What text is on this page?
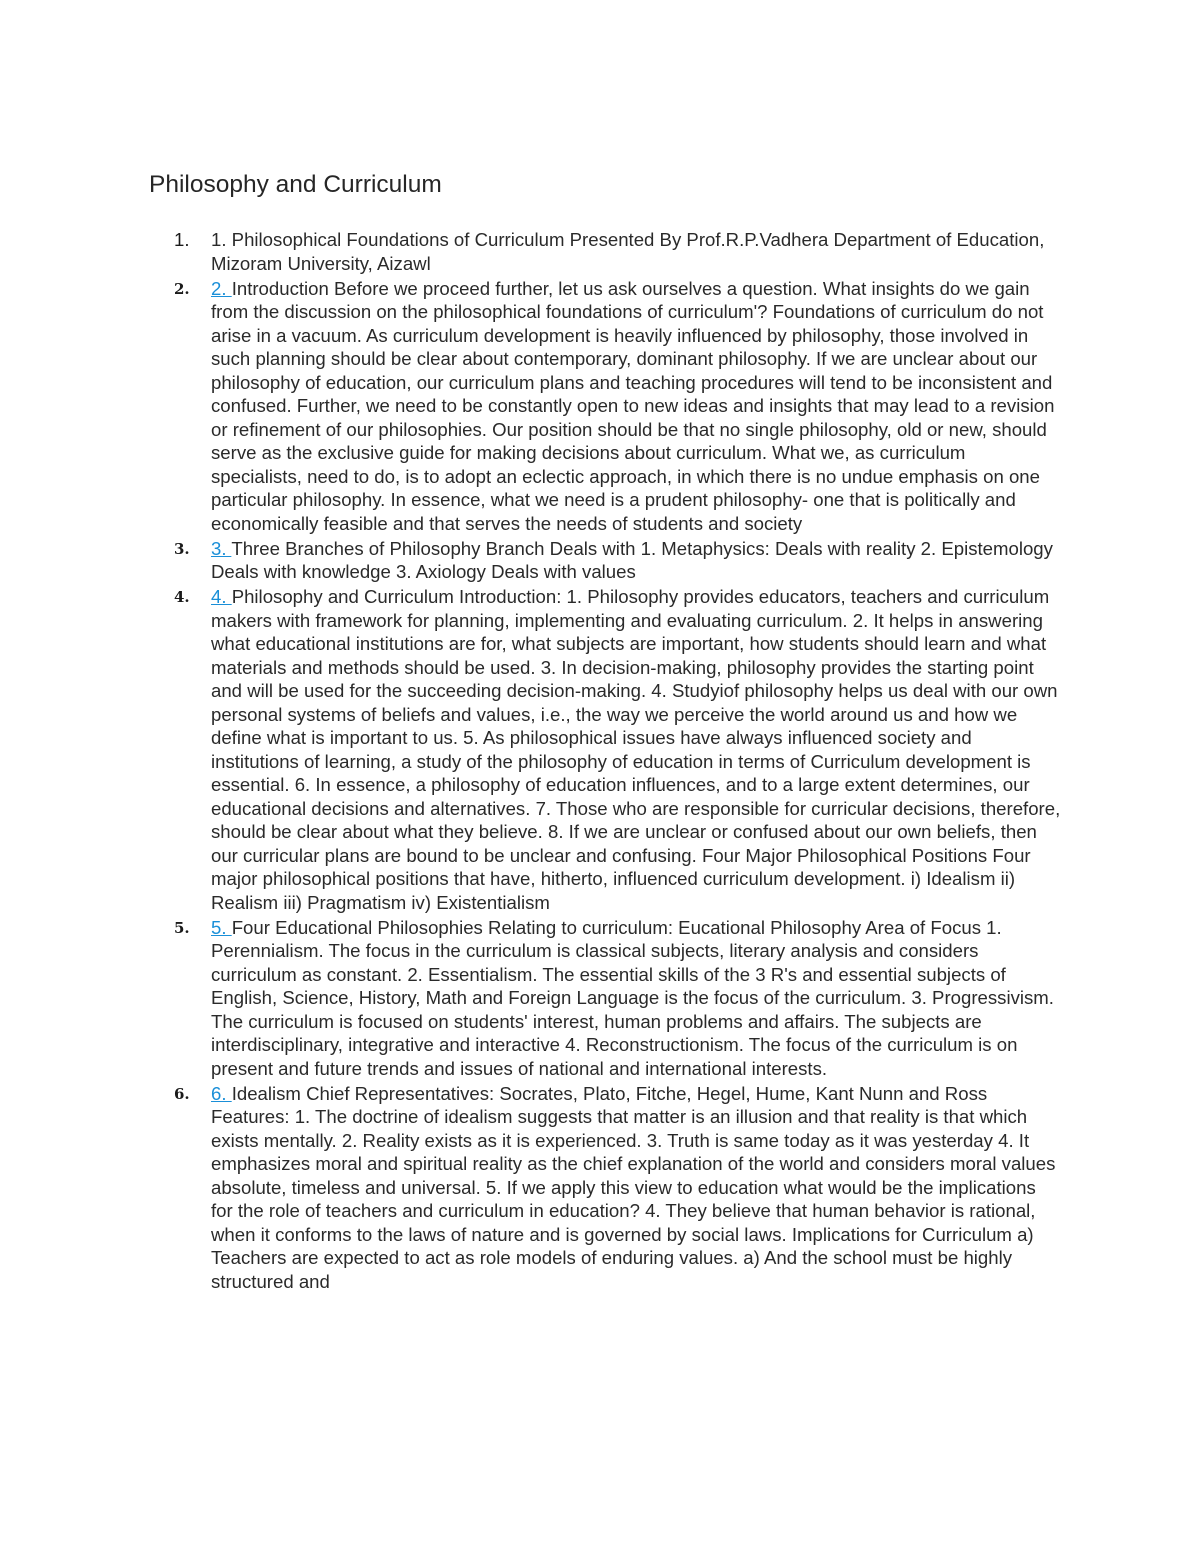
Philosophy and Curriculum
1.	1. Philosophical Foundations of Curriculum Presented By Prof.R.P.Vadhera Department of Education, Mizoram University, Aizawl
2.	2. Introduction Before we proceed further, let us ask ourselves a question. What insights do we gain from the discussion on the philosophical foundations of curriculum'? Foundations of curriculum do not arise in a vacuum. As curriculum development is heavily influenced by philosophy, those involved in such planning should be clear about contemporary, dominant philosophy. If we are unclear about our philosophy of education, our curriculum plans and teaching procedures will tend to be inconsistent and confused. Further, we need to be constantly open to new ideas and insights that may lead to a revision or refinement of our philosophies. Our position should be that no single philosophy, old or new, should serve as the exclusive guide for making decisions about curriculum. What we, as curriculum specialists, need to do, is to adopt an eclectic approach, in which there is no undue emphasis on one particular philosophy. In essence, what we need is a prudent philosophy- one that is politically and economically feasible and that serves the needs of students and society
3.	3. Three Branches of Philosophy Branch Deals with 1. Metaphysics: Deals with reality 2. Epistemology Deals with knowledge 3. Axiology Deals with values
4.	4. Philosophy and Curriculum Introduction: 1. Philosophy provides educators, teachers and curriculum makers with framework for planning, implementing and evaluating curriculum. 2. It helps in answering what educational institutions are for, what subjects are important, how students should learn and what materials and methods should be used. 3. In decision-making, philosophy provides the starting point and will be used for the succeeding decision-making. 4. Studyiof philosophy helps us deal with our own personal systems of beliefs and values, i.e., the way we perceive the world around us and how we define what is important to us. 5. As philosophical issues have always influenced society and institutions of learning, a study of the philosophy of education in terms of Curriculum development is essential. 6. In essence, a philosophy of education influences, and to a large extent determines, our educational decisions and alternatives. 7. Those who are responsible for curricular decisions, therefore, should be clear about what they believe. 8. If we are unclear or confused about our own beliefs, then our curricular plans are bound to be unclear and confusing. Four Major Philosophical Positions Four major philosophical positions that have, hitherto, influenced curriculum development. i) Idealism ii) Realism iii) Pragmatism iv) Existentialism
5.	5. Four Educational Philosophies Relating to curriculum: Eucational Philosophy Area of Focus 1. Perennialism. The focus in the curriculum is classical subjects, literary analysis and considers curriculum as constant. 2. Essentialism. The essential skills of the 3 R's and essential subjects of English, Science, History, Math and Foreign Language is the focus of the curriculum. 3. Progressivism. The curriculum is focused on students' interest, human problems and affairs. The subjects are interdisciplinary, integrative and interactive 4. Reconstructionism. The focus of the curriculum is on present and future trends and issues of national and international interests.
6.	6. Idealism Chief Representatives: Socrates, Plato, Fitche, Hegel, Hume, Kant Nunn and Ross Features: 1. The doctrine of idealism suggests that matter is an illusion and that reality is that which exists mentally. 2. Reality exists as it is experienced. 3. Truth is same today as it was yesterday 4. It emphasizes moral and spiritual reality as the chief explanation of the world and considers moral values absolute, timeless and universal. 5. If we apply this view to education what would be the implications for the role of teachers and curriculum in education? 4. They believe that human behavior is rational, when it conforms to the laws of nature and is governed by social laws. Implications for Curriculum a) Teachers are expected to act as role models of enduring values. a) And the school must be highly structured and
